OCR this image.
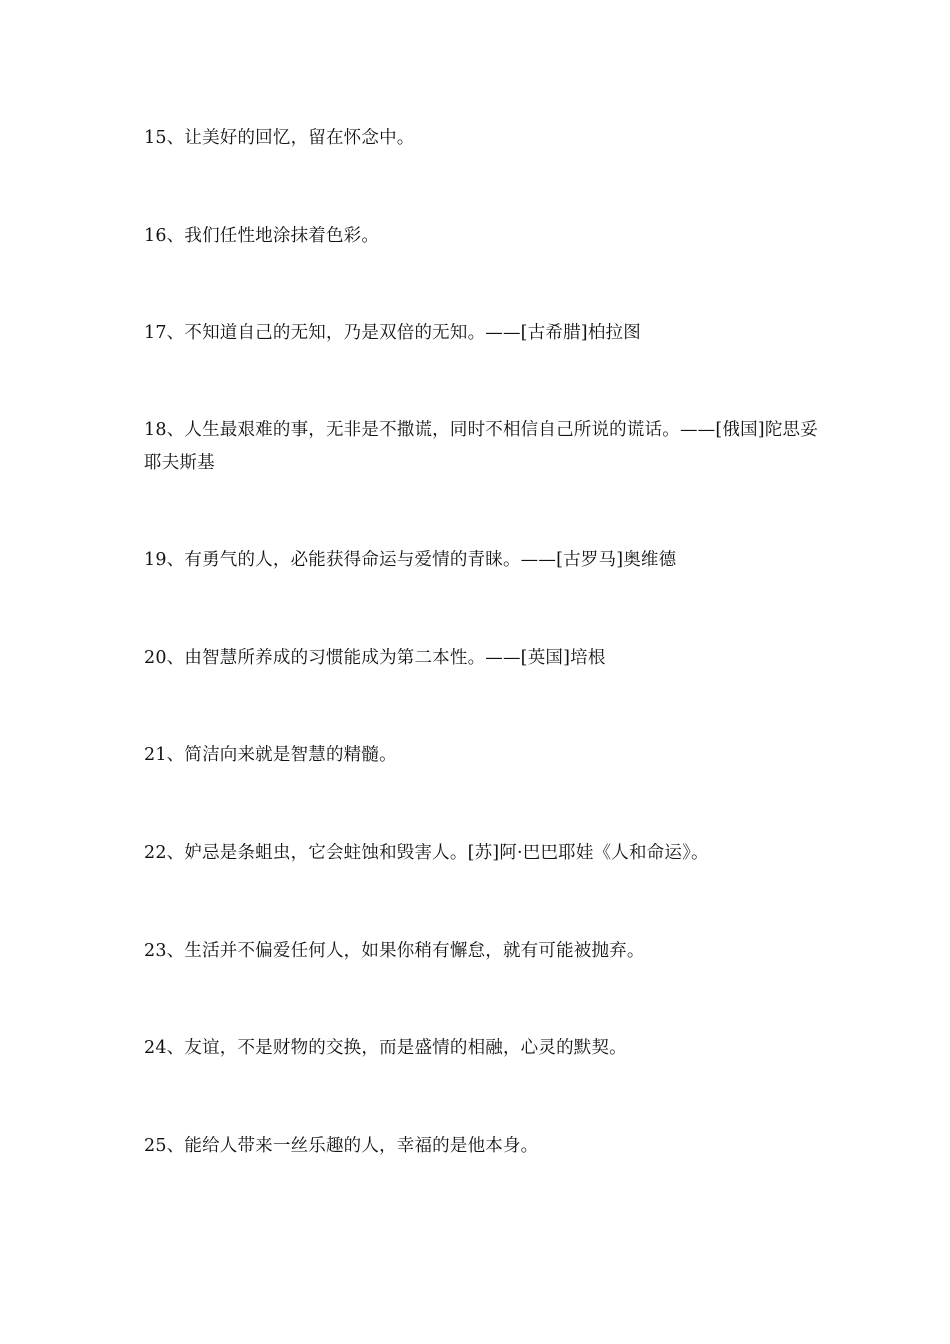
15、让美好的回忆，留在怀念中。

16、我们任性地涂抹着色彩。

17、不知道自己的无知，乃是双倍的无知。——[古希腊]柏拉图

18、人生最艰难的事，无非是不撒谎，同时不相信自己所说的谎话。——[俄国]陀思妥耶夫斯基

19、有勇气的人，必能获得命运与爱情的青睐。——[古罗马]奥维德

20、由智慧所养成的习惯能成为第二本性。——[英国]培根

21、简洁向来就是智慧的精髓。

22、妒忌是条蛆虫，它会蛀蚀和毁害人。[苏]阿·巴巴耶娃《人和命运》。

23、生活并不偏爱任何人，如果你稍有懈怠，就有可能被抛弃。

24、友谊，不是财物的交换，而是盛情的相融，心灵的默契。

25、能给人带来一丝乐趣的人，幸福的是他本身。
